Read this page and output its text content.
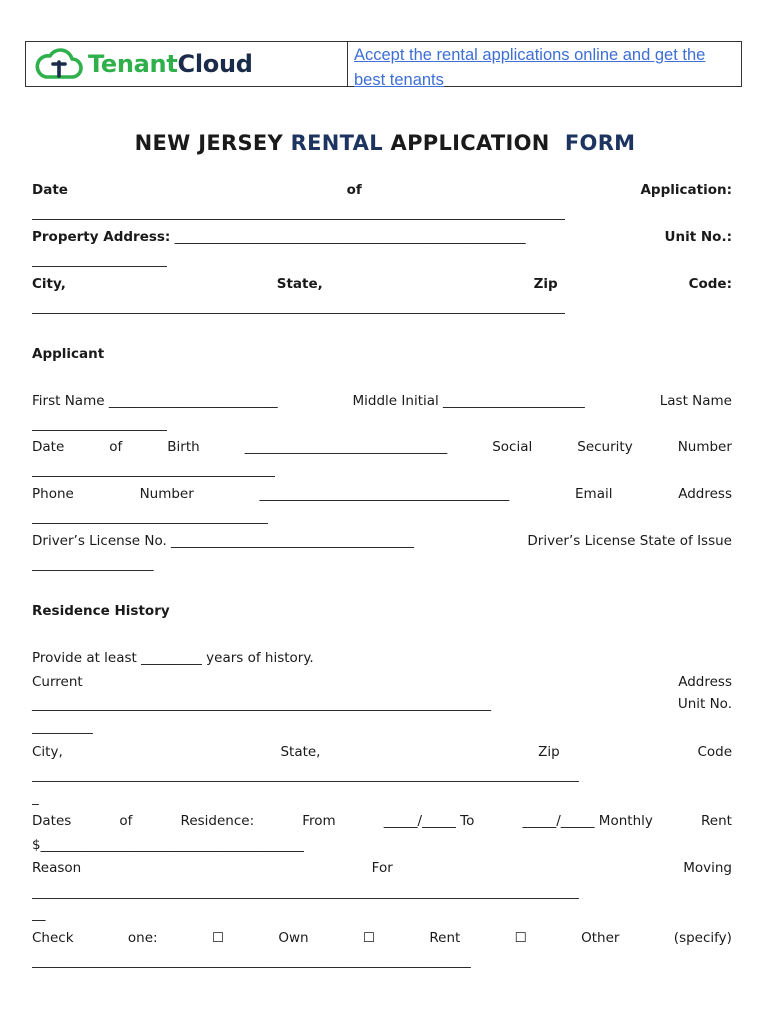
TenantCloud	Accept the rental applications online and get the best tenants
NEW JERSEY RENTAL APPLICATION FORM
Date	of	Application:
_______________________________________________________________________________
Property Address: ____________________________________________________	Unit No.:
____________________
City,	State,	Zip	Code:
_______________________________________________________________________________
Applicant
First Name _________________________	Middle Initial _____________________	Last Name
____________________
Date	of	Birth	______________________________	Social	Security	Number
____________________________________
Phone	Number	_____________________________________	Email	Address
___________________________________
Driver’s License No. ____________________________________	Driver’s License State of Issue
__________________
Residence History
Provide at least _________ years of history.
Current	Address
____________________________________________________________________	Unit No.
_________
City,	State,	Zip	Code
_________________________________________________________________________________
_
Dates	of	Residence:	From	_____/_____ To	_____/_____ Monthly	Rent
$_______________________________________
Reason	For	Moving
_________________________________________________________________________________
__
Check	one:	☐	Own	☐	Rent	☐	Other	(specify)
_________________________________________________________________
